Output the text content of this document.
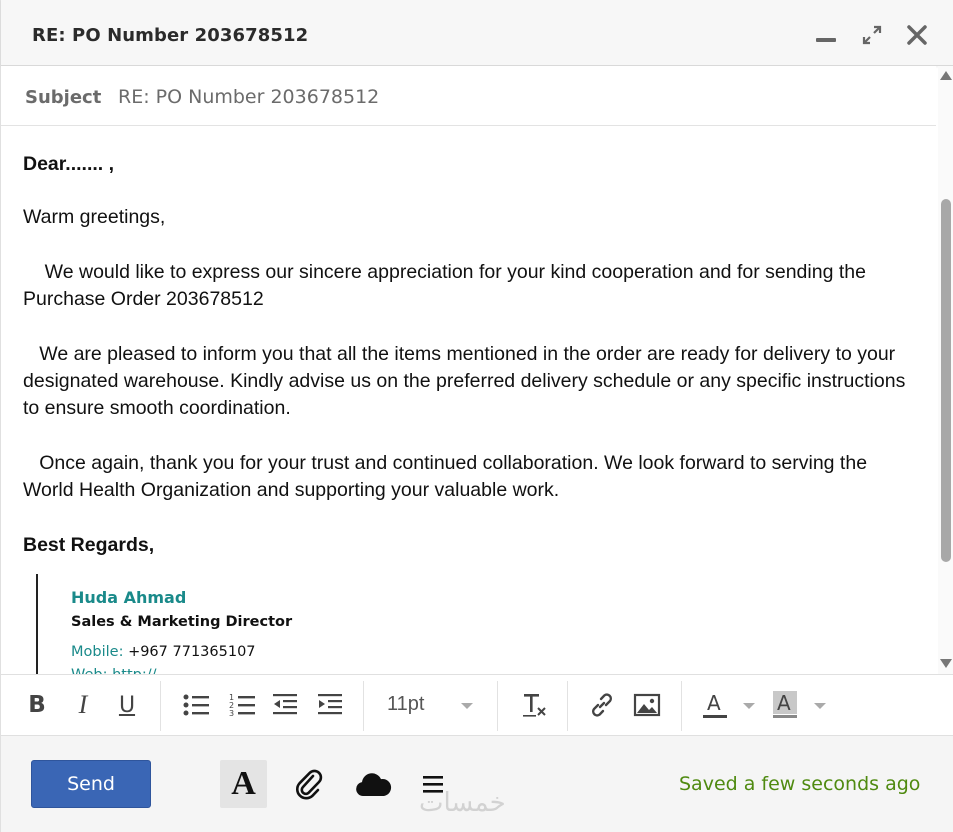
RE: PO Number 203678512
Subject
RE: PO Number 203678512
Dear....... ,
Warm greetings,
We would like to express our sincere appreciation for your kind cooperation and for sending the Purchase Order 203678512
We are pleased to inform you that all the items mentioned in the order are ready for delivery to your designated warehouse. Kindly advise us on the preferred delivery schedule or any specific instructions to ensure smooth coordination.
Once again, thank you for your trust and continued collaboration. We look forward to serving the World Health Organization and supporting your valuable work.
Best Regards,
Huda Ahmad
Sales & Marketing Director
Mobile: +967 771365107
B	I	U	1
2
3	11pt	A	A
Send	A
خمسات
Saved a few seconds ago
